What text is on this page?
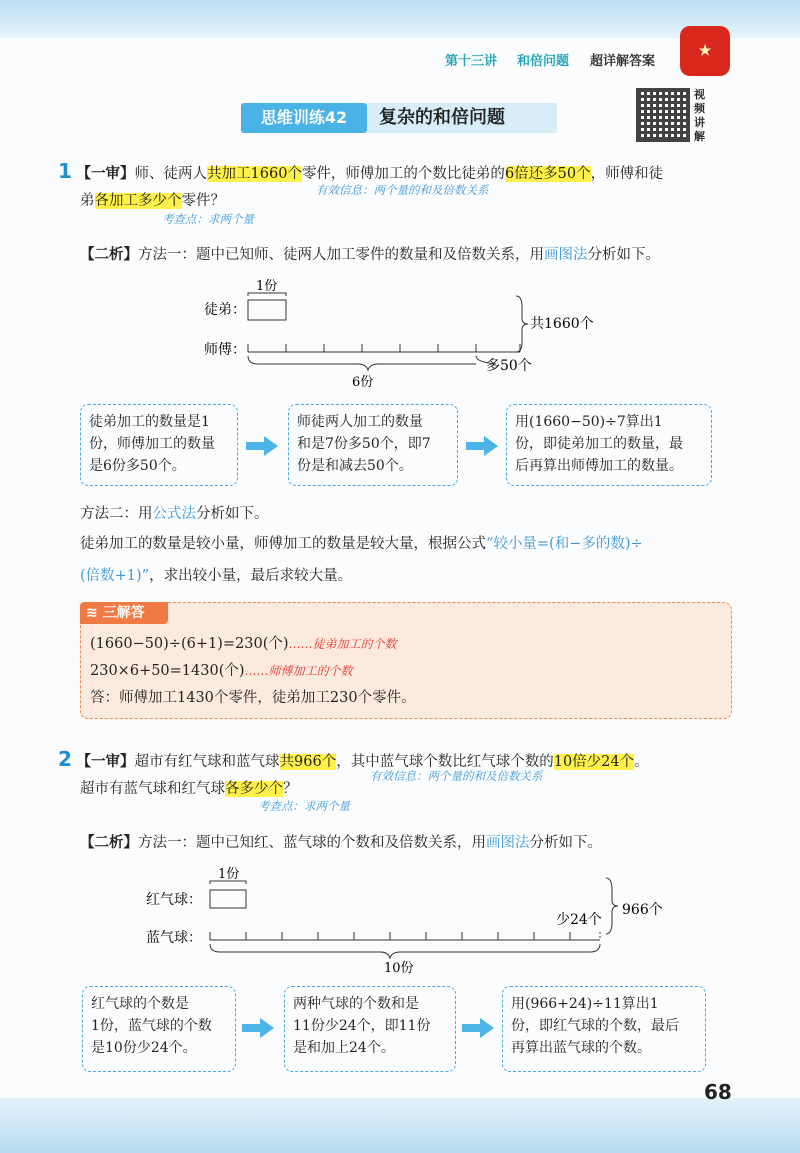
第十三讲 和倍问题 超详解答案
★
思维训练42	复杂的和倍问题
视频讲解
1 【一审】师、徒两人共加工1660个零件，师傅加工的个数比徒弟的6倍还多50个，师傅和徒
有效信息：两个量的和及倍数关系
弟各加工多少个零件？
考查点：求两个量
【二析】方法一：题中已知师、徒两人加工零件的数量和及倍数关系，用画图法分析如下。
1份
徒弟：
师傅：
共1660个
多50个
6份
徒弟加工的数量是1
份，师傅加工的数量
是6份多50个。
师徒两人加工的数量
和是7份多50个，即7
份是和减去50个。
用(1660−50)÷7算出1
份，即徒弟加工的数量，最
后再算出师傅加工的数量。
方法二：用公式法分析如下。
徒弟加工的数量是较小量，师傅加工的数量是较大量，根据公式“较小量=(和−多的数)÷
(倍数+1)”，求出较小量，最后求较大量。
≋ 三解答
(1660−50)÷(6+1)=230(个)……徒弟加工的个数
230×6+50=1430(个)……师傅加工的个数
答：师傅加工1430个零件，徒弟加工230个零件。
2 【一审】超市有红气球和蓝气球共966个，其中蓝气球个数比红气球个数的10倍少24个。
有效信息：两个量的和及倍数关系
超市有蓝气球和红气球各多少个？
考查点：求两个量
【二析】方法一：题中已知红、蓝气球的个数和及倍数关系，用画图法分析如下。
1份
红气球：
蓝气球：
少24个
966个
10份
红气球的个数是
1份，蓝气球的个数
是10份少24个。
两种气球的个数和是
11份少24个，即11份
是和加上24个。
用(966+24)÷11算出1
份，即红气球的个数，最后
再算出蓝气球的个数。
68
